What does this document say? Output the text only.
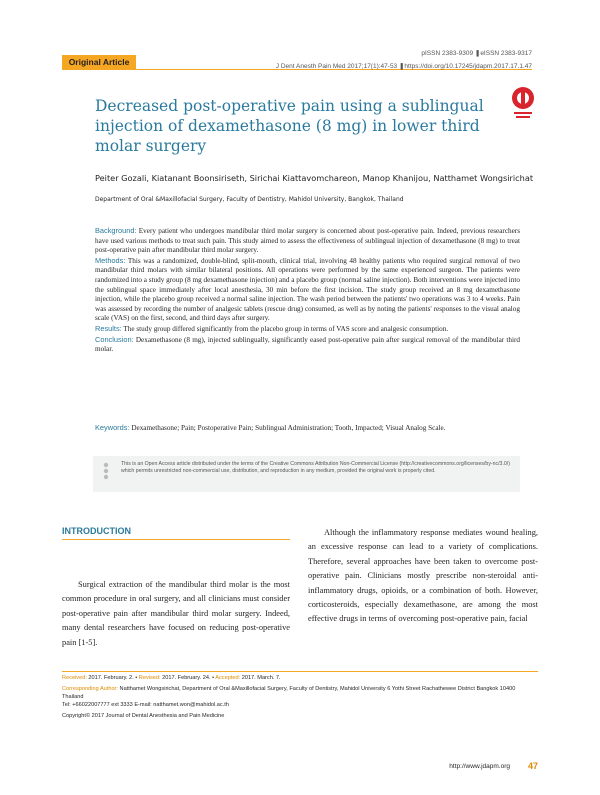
Original Article
pISSN 2383-9309 ❚eISSN 2383-9317
J Dent Anesth Pain Med 2017;17(1):47-53 ❚https://doi.org/10.17245/jdapm.2017.17.1.47
Decreased post-operative pain using a sublingual injection of dexamethasone (8 mg) in lower third molar surgery
Peiter Gozali, Kiatanant Boonsiriseth, Sirichai Kiattavomchareon, Manop Khanijou, Natthamet Wongsirichat
Department of Oral &Maxillofacial Surgery, Faculty of Dentistry, Mahidol University, Bangkok, Thailand

Background: Every patient who undergoes mandibular third molar surgery is concerned about post-operative pain. Indeed, previous researchers have used various methods to treat such pain. This study aimed to assess the effectiveness of sublingual injection of dexamethasone (8 mg) to treat post-operative pain after mandibular third molar surgery.

Methods: This was a randomized, double-blind, split-mouth, clinical trial, involving 48 healthy patients who required surgical removal of two mandibular third molars with similar bilateral positions. All operations were performed by the same experienced surgeon. The patients were randomized into a study group (8 mg dexamethasone injection) and a placebo group (normal saline injection). Both interventions were injected into the sublingual space immediately after local anesthesia, 30 min before the first incision. The study group received an 8 mg dexamethasone injection, while the placebo group received a normal saline injection. The wash period between the patients' two operations was 3 to 4 weeks. Pain was assessed by recording the number of analgesic tablets (rescue drug) consumed, as well as by noting the patients' responses to the visual analog scale (VAS) on the first, second, and third days after surgery.

Results: The study group differed significantly from the placebo group in terms of VAS score and analgesic consumption.

Conclusion: Dexamethasone (8 mg), injected sublingually, significantly eased post-operative pain after surgical removal of the mandibular third molar.

Keywords: Dexamethasone; Pain; Postoperative Pain; Sublingual Administration; Tooth, Impacted; Visual Analog Scale.
This is an Open Access article distributed under the terms of the Creative Commons Attribution Non-Commercial License (http://creativecommons.org/licenses/by-nc/3.0/) which permits unrestricted non-commercial use, distribution, and reproduction in any medium, provided the original work is properly cited.
INTRODUCTION

Surgical extraction of the mandibular third molar is the most common procedure in oral surgery, and all clinicians must consider post-operative pain after mandibular third molar surgery. Indeed, many dental researchers have focused on reducing post-operative pain [1-5].

Although the inflammatory response mediates wound healing, an excessive response can lead to a variety of complications. Therefore, several approaches have been taken to overcome post-operative pain. Clinicians mostly prescribe non-steroidal anti-inflammatory drugs, opioids, or a combination of both. However, corticosteroids, especially dexamethasone, are among the most effective drugs in terms of overcoming post-operative pain, facial

Received: 2017. February. 2. • Revised: 2017. February. 24. • Accepted: 2017. March. 7.
Corresponding Author: Natthamet Wongsirichat, Department of Oral &Maxillofacial Surgery, Faculty of Dentistry, Mahidol University 6 Yothi Street Rachathewee District Bangkok 10400 Thailand
Tel: +66022007777 ext 3333 E-mail: natthamet.won@mahidol.ac.th
Copyright© 2017 Journal of Dental Anesthesia and Pain Medicine
http://www.jdapm.org 47
